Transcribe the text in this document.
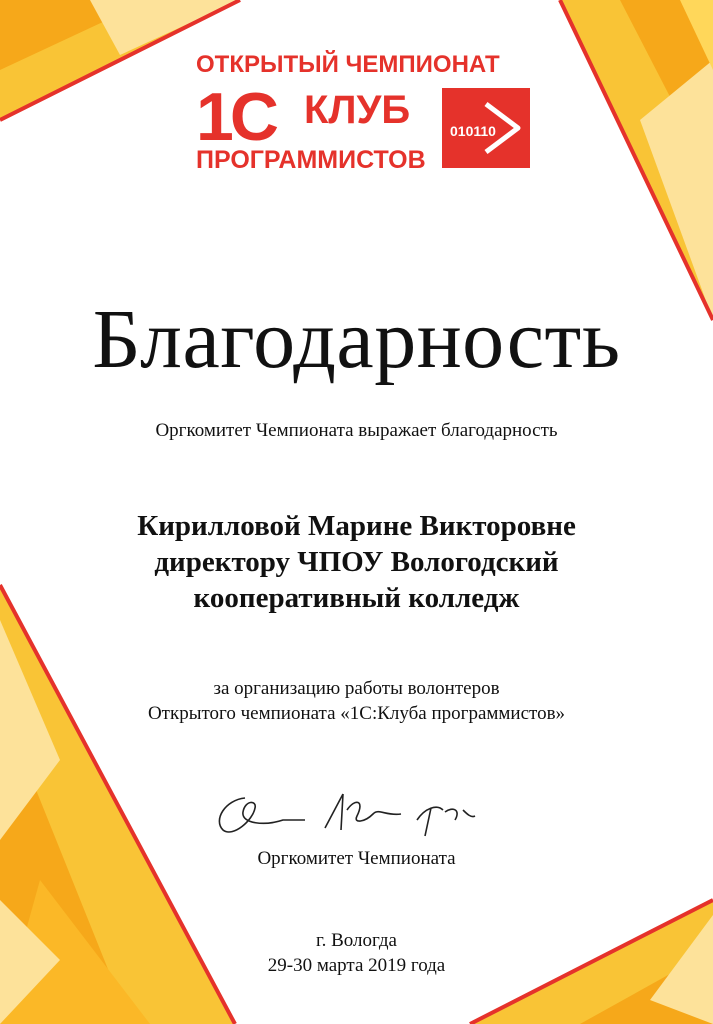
ОТКРЫТЫЙ ЧЕМПИОНАТ
1С КЛУБ
ПРОГРАММИСТОВ
010110
Благодарность
Оргкомитет Чемпионата выражает благодарность
Кирилловой Марине Викторовне
директору ЧПОУ Вологодский
кооперативный колледж
за организацию работы волонтеров
Открытого чемпионата «1С:Клуба программистов»
Оргкомитет Чемпионата
г. Вологда
29-30 марта 2019 года
